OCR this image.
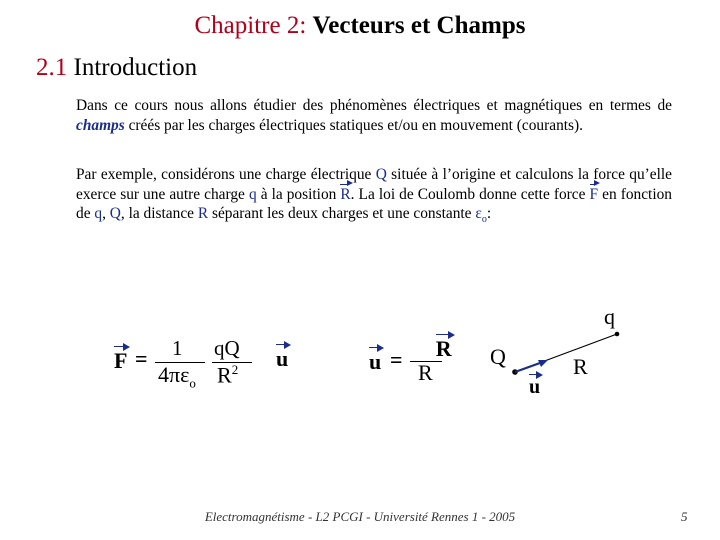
Chapitre 2: Vecteurs et Champs
2.1 Introduction
Dans ce cours nous allons étudier des phénomènes électriques et magnétiques en termes de champs créés par les charges électriques statiques et/ou en mouvement (courants).
Par exemple, considérons une charge électrique Q située à l’origine et calculons la force qu’elle exerce sur une autre charge q à la position R. La loi de Coulomb donne cette force F en fonction de q, Q, la distance R séparant les deux charges et une constante $\varepsilon_o$:
F = 1
$4\pi\varepsilon_o$
qQ
$R^2$ u	u = R
R
Q
q
R
u
Electromagnétisme - L2 PCGI - Université Rennes 1 - 2005	5
